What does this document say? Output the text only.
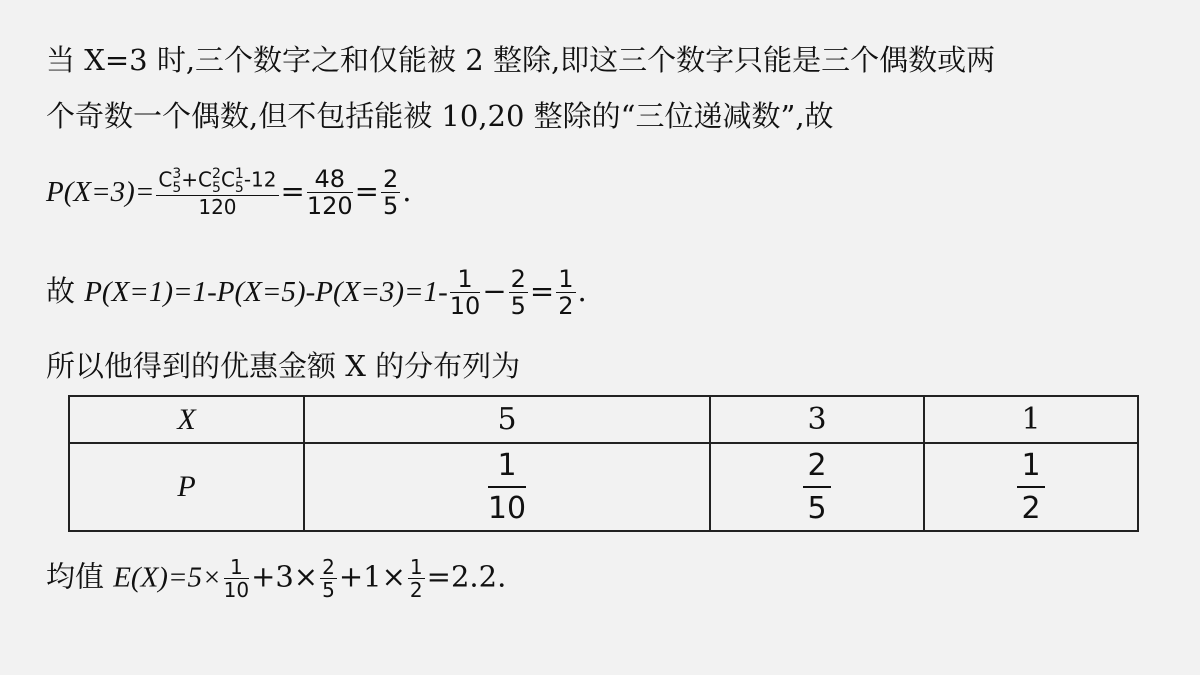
当 X=3 时,三个数字之和仅能被 2 整除,即这三个数字只能是三个偶数或两
个奇数一个偶数,但不包括能被 10,20 整除的“三位递减数”,故
P(X=3)= C 3
5 +C 2
5 C 1
5 -12
$120 = \frac{48}{120} = \frac{2}{5}$ .
故 $P(X=1)=1-P(X=5)-P(X=3)=1- \frac{1}{10} - \frac{2}{5} = \frac{1}{2}$ .
所以他得到的优惠金额 X 的分布列为
X	5	3	1
P	$\frac{1}{10}$	$\frac{2}{5}$	$\frac{1}{2}$
均值 $E(X)=5\times \frac{1}{10} +3\times \frac{2}{5} +1\times \frac{1}{2} =2.2$.
